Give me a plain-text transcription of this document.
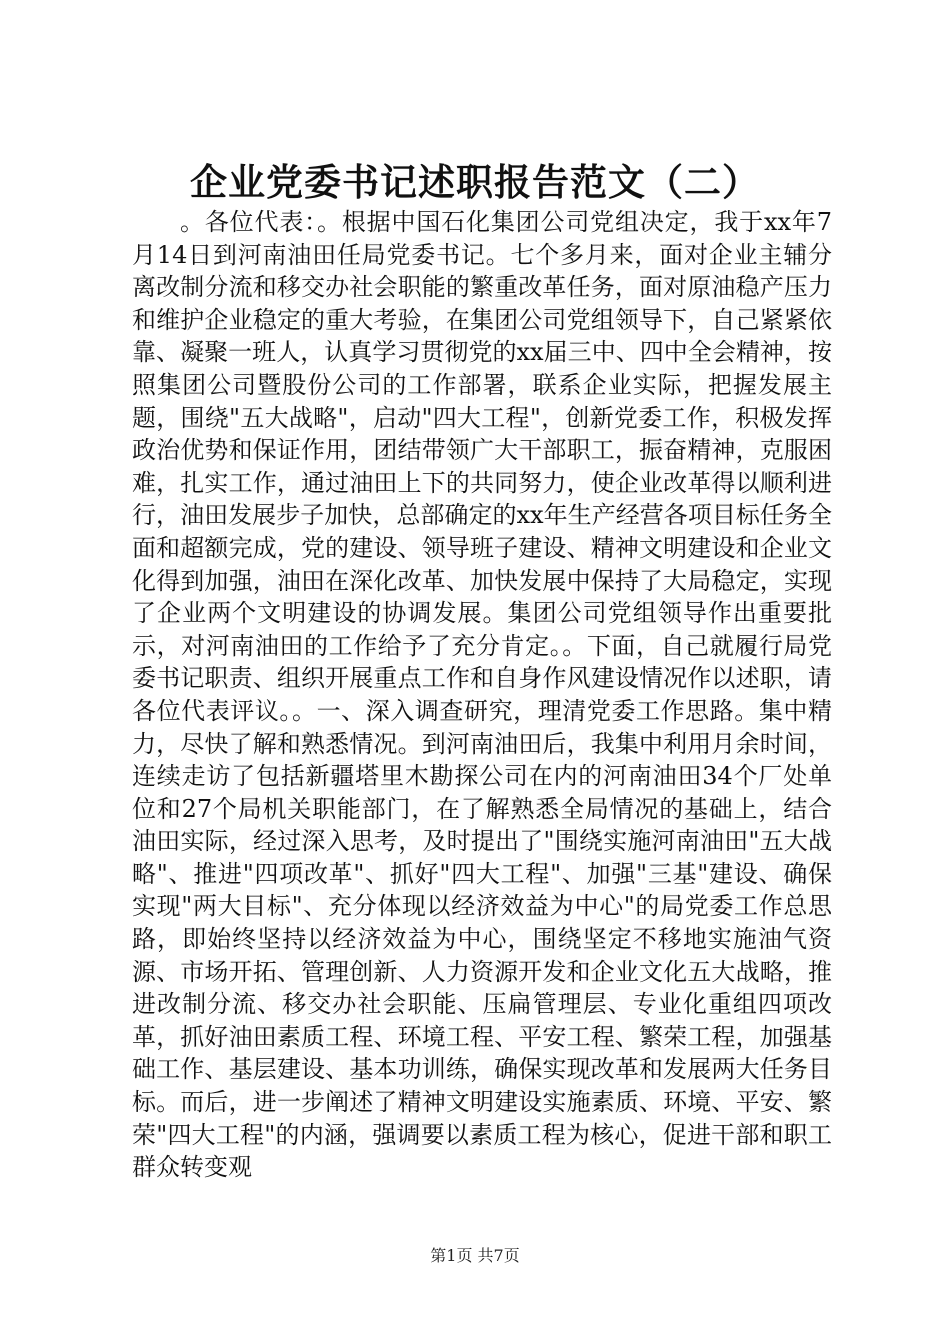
企业党委书记述职报告范文（二）

。各位代表：。根据中国石化集团公司党组决定，我于xx年7月14日到河南油田任局党委书记。七个多月来，面对企业主辅分离改制分流和移交办社会职能的繁重改革任务，面对原油稳产压力和维护企业稳定的重大考验，在集团公司党组领导下，自己紧紧依靠、凝聚一班人，认真学习贯彻党的xx届三中、四中全会精神，按照集团公司暨股份公司的工作部署，联系企业实际，把握发展主题，围绕"五大战略"，启动"四大工程"，创新党委工作，积极发挥政治优势和保证作用，团结带领广大干部职工，振奋精神，克服困难，扎实工作，通过油田上下的共同努力，使企业改革得以顺利进行，油田发展步子加快，总部确定的xx年生产经营各项目标任务全面和超额完成，党的建设、领导班子建设、精神文明建设和企业文化得到加强，油田在深化改革、加快发展中保持了大局稳定，实现了企业两个文明建设的协调发展。集团公司党组领导作出重要批示，对河南油田的工作给予了充分肯定。。下面，自己就履行局党委书记职责、组织开展重点工作和自身作风建设情况作以述职，请各位代表评议。。一、深入调查研究，理清党委工作思路。集中精力，尽快了解和熟悉情况。到河南油田后，我集中利用月余时间，连续走访了包括新疆塔里木勘探公司在内的河南油田34个厂处单位和27个局机关职能部门，在了解熟悉全局情况的基础上，结合油田实际，经过深入思考，及时提出了"围绕实施河南油田"五大战略"、推进"四项改革"、抓好"四大工程"、加强"三基"建设、确保实现"两大目标"、充分体现以经济效益为中心"的局党委工作总思路，即始终坚持以经济效益为中心，围绕坚定不移地实施油气资源、市场开拓、管理创新、人力资源开发和企业文化五大战略，推进改制分流、移交办社会职能、压扁管理层、专业化重组四项改革，抓好油田素质工程、环境工程、平安工程、繁荣工程，加强基础工作、基层建设、基本功训练，确保实现改革和发展两大任务目标。而后，进一步阐述了精神文明建设实施素质、环境、平安、繁荣"四大工程"的内涵，强调要以素质工程为核心，促进干部和职工群众转变观

第1页 共7页
